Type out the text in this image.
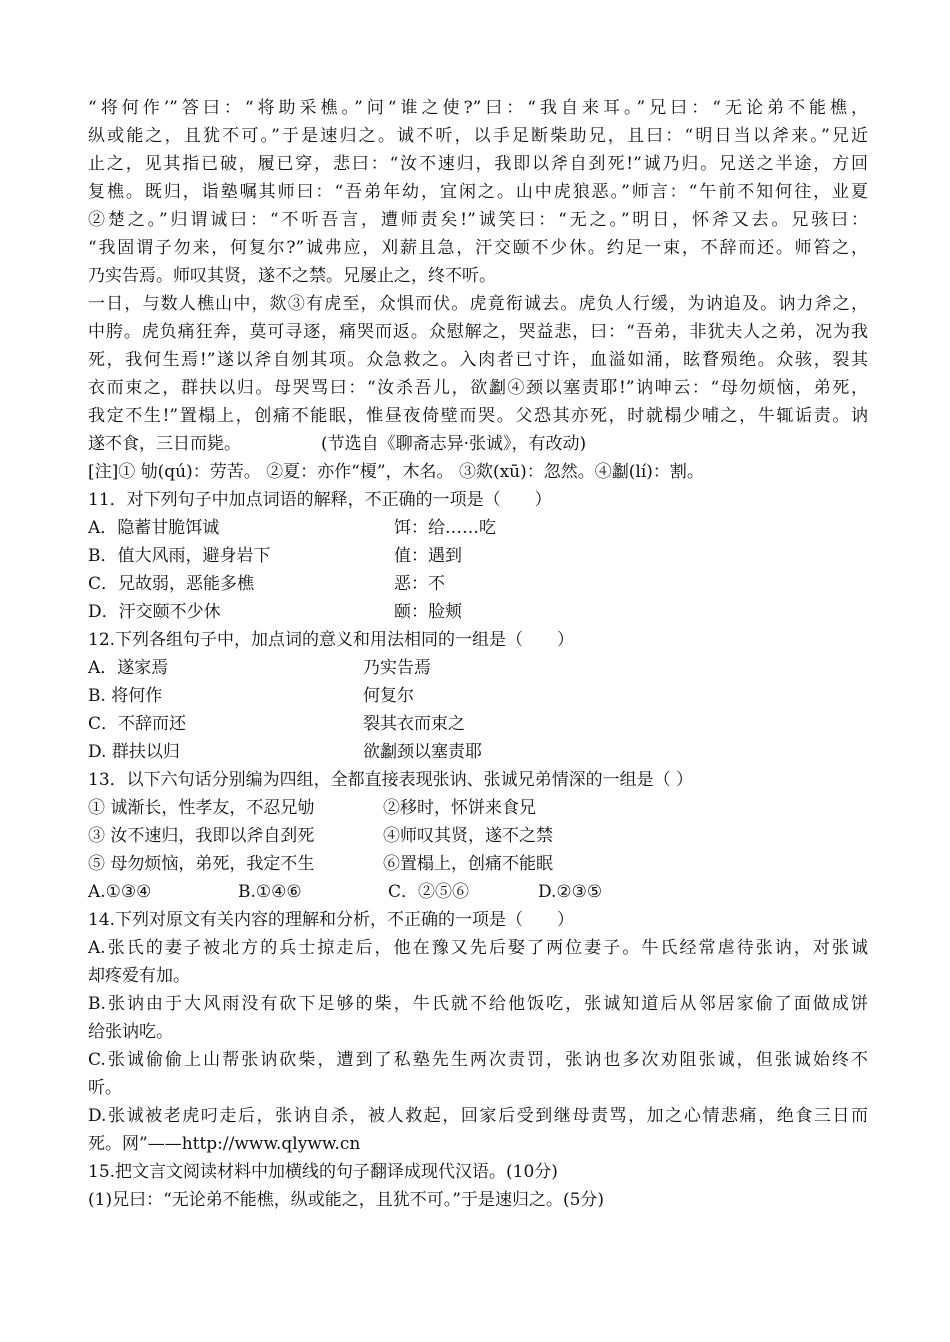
“将何作’”答曰：“将助采樵。”问“谁之使?”曰：“我自来耳。”兄曰：“无论弟不能樵，
纵或能之，且犹不可。”于是速归之。诚不听，以手足断柴助兄，且曰：“明日当以斧来。”兄近
止之，见其指已破，履已穿，悲曰：“汝不速归，我即以斧自刭死!”诚乃归。兄送之半途，方回
复樵。既归，诣塾嘱其师曰：“吾弟年幼，宜闲之。山中虎狼恶。”师言：“午前不知何往，业夏
②楚之。”归谓诚曰：“不听吾言，遭师责矣!”诚笑曰：“无之。”明日，怀斧又去。兄骇曰：
“我固谓子勿来，何复尔?”诚弗应，刈薪且急，汗交颐不少休。约足一束，不辞而还。师笞之，
乃实告焉。师叹其贤，遂不之禁。兄屡止之，终不听。
一日，与数人樵山中，欻③有虎至，众惧而伏。虎竟衔诚去。虎负人行缓，为讷追及。讷力斧之，
中胯。虎负痛狂奔，莫可寻逐，痛哭而返。众慰解之，哭益悲，曰：“吾弟，非犹夫人之弟，况为我
死，我何生焉!”遂以斧自刎其项。众急救之。入肉者已寸许，血溢如涌，眩瞀殒绝。众骇，裂其
衣而束之，群扶以归。母哭骂曰：“汝杀吾儿，欲劙④颈以塞责耶!”讷呻云：“母勿烦恼，弟死，
我定不生!”置榻上，创痛不能眠，惟昼夜倚壁而哭。父恐其亦死，时就榻少哺之，牛辄诟责。讷
遂不食，三日而毙。	(节选自《聊斋志异·张诚》，有改动)
[注]① 劬(qú)：劳苦。 ②夏：亦作“榎”，木名。 ③欻(xū)：忽然。④劙(lí)：割。
11．对下列句子中加点词语的解释，不正确的一项是（　　）
A．隐蓄甘脆饵诚	饵：给……吃
B．值大风雨，避身岩下	值：遇到
C．兄故弱，恶能多樵	恶：不
D．汗交颐不少休	颐：脸颊
12.下列各组句子中，加点词的意义和用法相同的一组是（　　）
A．遂家焉	乃实告焉
B. 将何作	何复尔
C．不辞而还	裂其衣而束之
D. 群扶以归	欲劙颈以塞责耶
13．以下六句话分别编为四组，全都直接表现张讷、张诚兄弟情深的一组是（ ）
① 诚渐长，性孝友，不忍兄劬	②移时，怀饼来食兄
③ 汝不速归，我即以斧自刭死	④师叹其贤，遂不之禁
⑤ 母勿烦恼，弟死，我定不生	⑥置榻上，创痛不能眠
A.①③④	B.①④⑥	C．②⑤⑥	D.②③⑤
14.下列对原文有关内容的理解和分析，不正确的一项是（　　）
A.张氏的妻子被北方的兵士掠走后，他在豫又先后娶了两位妻子。牛氏经常虐待张讷，对张诚
却疼爱有加。
B.张讷由于大风雨没有砍下足够的柴，牛氏就不给他饭吃，张诚知道后从邻居家偷了面做成饼
给张讷吃。
C.张诚偷偷上山帮张讷砍柴，遭到了私塾先生两次责罚，张讷也多次劝阻张诚，但张诚始终不
听。
D.张诚被老虎叼走后，张讷自杀，被人救起，回家后受到继母责骂，加之心情悲痛，绝食三日而
死。网”——http://www.qlyww.cn
15.把文言文阅读材料中加横线的句子翻译成现代汉语。(10分)
(1)兄曰：“无论弟不能樵，纵或能之，且犹不可。”于是速归之。(5分)
